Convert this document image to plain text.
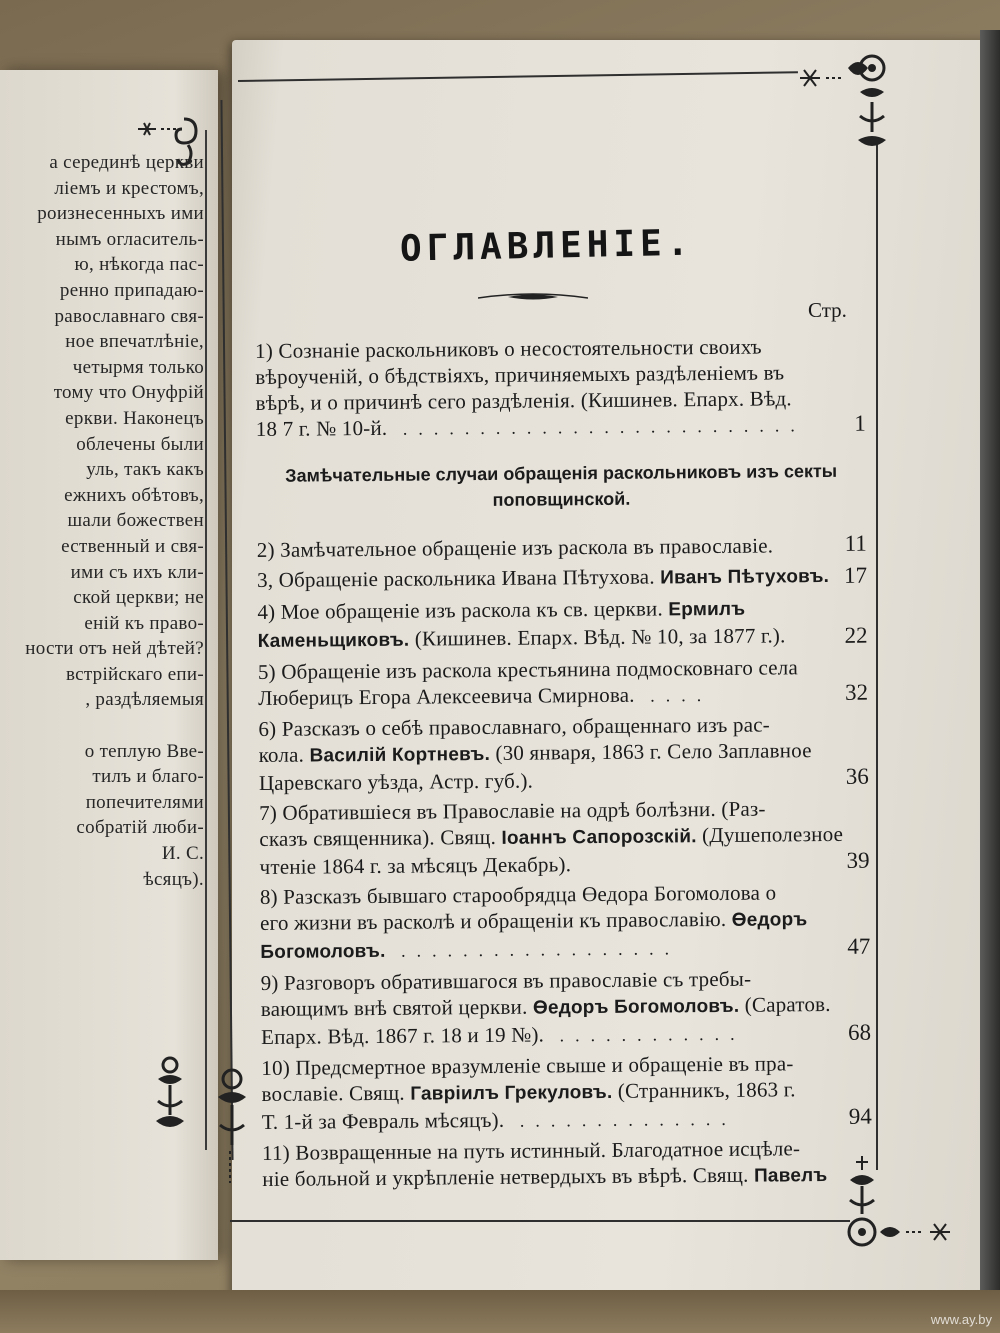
а серединѣ церкви
ліемъ и крестомъ,
роизнесенныхъ ими
нымъ огласитель-
ю, нѣкогда пас-
ренно припадаю-
равославнаго свя-
ное впечатлѣніе,
четырмя только
тому что Онуфрій
еркви. Наконецъ
облечены были
уль, такъ какъ
ежнихъ обѣтовъ,
шали божествен
ественный и свя-
ими съ ихъ кли-
ской церкви; не
еній къ право-
ности отъ ней дѣтей?
встрійскаго епи-
, раздѣляемыя

о теплую Вве-
тилъ и благо-
попечителями
собратій люби-
И. С.
ѣсяцъ).
ОГЛАВЛЕНІЕ.
Стр.
1) Сознаніе раскольниковъ о несостоятельности своихъ
вѣроученій, о бѣдствіяхъ, причиняемыхъ раздѣленіемъ въ
вѣрѣ, и о причинѣ сего раздѣленія. (Кишинев. Епарх. Вѣд.
18 7 г. № 10-й. ..........................	1
Замѣчательные случаи обращенія раскольниковъ изъ секты
поповщинской.
2) Замѣчательное обращеніе изъ раскола въ православіе.	11
3, Обращеніе раскольника Ивана Пѣтухова. Иванъ Пѣтуховъ. 17
4) Мое обращеніе изъ раскола къ св. церкви. Ермилъ
Каменьщиковъ. (Кишинев. Епарх. Вѣд. № 10, за 1877 г.).	22
5) Обращеніе изъ раскола крестьянина подмосковнаго села
Люберицъ Егора Алексеевича Смирнова. ....	32
6) Разсказъ о себѣ православнаго, обращеннаго изъ рас-
кола. Василій Кортневъ. (30 января, 1863 г. Село Заплавное
Царевскаго уѣзда, Астр. губ.).	36
7) Обратившіеся въ Православіе на одрѣ болѣзни. (Раз-
сказъ священника). Свящ. Іоаннъ Сапорозскій. (Душеполезное
чтеніе 1864 г. за мѣсяцъ Декабрь).	39
8) Разсказъ бывшаго старообрядца Өедора Богомолова о
его жизни въ расколѣ и обращеніи къ православію. Өедоръ
Богомоловъ. ..................	47
9) Разговоръ обратившагося въ православіе съ требы-
вающимъ внѣ святой церкви. Өедоръ Богомоловъ. (Саратов.
Епарх. Вѣд. 1867 г. 18 и 19 №). ............	68
10) Предсмертное вразумленіе свыше и обращеніе въ пра-
вославіе. Свящ. Гавріилъ Грекуловъ. (Странникъ, 1863 г.
Т. 1-й за Февраль мѣсяцъ). ..............	94
11) Возвращенные на путь истинный. Благодатное исцѣле-
ніе больной и укрѣпленіе нетвердыхъ въ вѣрѣ. Свящ. Павелъ
www.ay.by
